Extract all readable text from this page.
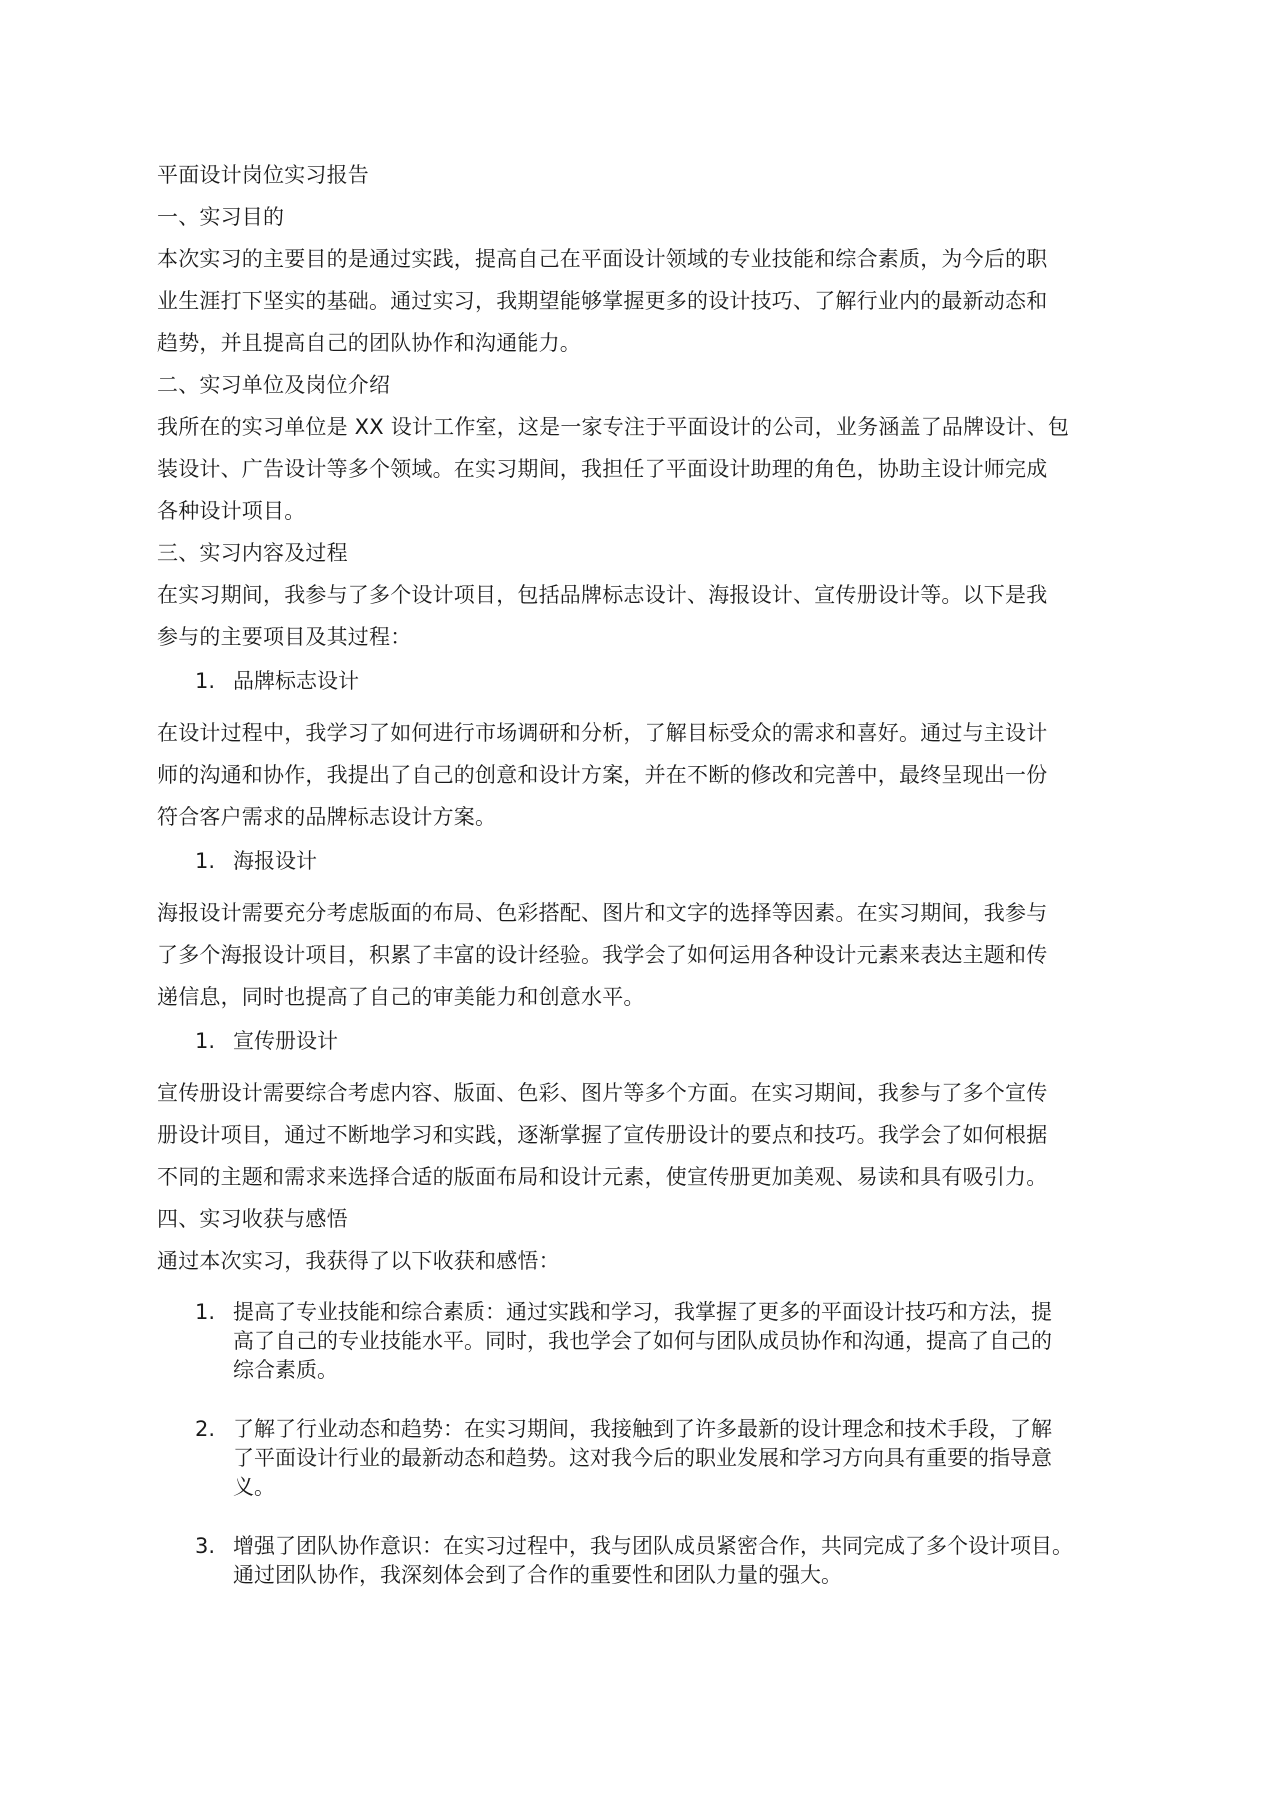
平面设计岗位实习报告
一、实习目的
本次实习的主要目的是通过实践，提高自己在平面设计领域的专业技能和综合素质，为今后的职
业生涯打下坚实的基础。通过实习，我期望能够掌握更多的设计技巧、了解行业内的最新动态和
趋势，并且提高自己的团队协作和沟通能力。
二、实习单位及岗位介绍
我所在的实习单位是 XX 设计工作室，这是一家专注于平面设计的公司，业务涵盖了品牌设计、包
装设计、广告设计等多个领域。在实习期间，我担任了平面设计助理的角色，协助主设计师完成
各种设计项目。
三、实习内容及过程
在实习期间，我参与了多个设计项目，包括品牌标志设计、海报设计、宣传册设计等。以下是我
参与的主要项目及其过程：
1. 品牌标志设计
在设计过程中，我学习了如何进行市场调研和分析，了解目标受众的需求和喜好。通过与主设计
师的沟通和协作，我提出了自己的创意和设计方案，并在不断的修改和完善中，最终呈现出一份
符合客户需求的品牌标志设计方案。
1. 海报设计
海报设计需要充分考虑版面的布局、色彩搭配、图片和文字的选择等因素。在实习期间，我参与
了多个海报设计项目，积累了丰富的设计经验。我学会了如何运用各种设计元素来表达主题和传
递信息，同时也提高了自己的审美能力和创意水平。
1. 宣传册设计
宣传册设计需要综合考虑内容、版面、色彩、图片等多个方面。在实习期间，我参与了多个宣传
册设计项目，通过不断地学习和实践，逐渐掌握了宣传册设计的要点和技巧。我学会了如何根据
不同的主题和需求来选择合适的版面布局和设计元素，使宣传册更加美观、易读和具有吸引力。
四、实习收获与感悟
通过本次实习，我获得了以下收获和感悟：
1. 提高了专业技能和综合素质：通过实践和学习，我掌握了更多的平面设计技巧和方法，提
高了自己的专业技能水平。同时，我也学会了如何与团队成员协作和沟通，提高了自己的
综合素质。
2. 了解了行业动态和趋势：在实习期间，我接触到了许多最新的设计理念和技术手段，了解
了平面设计行业的最新动态和趋势。这对我今后的职业发展和学习方向具有重要的指导意
义。
3. 增强了团队协作意识：在实习过程中，我与团队成员紧密合作，共同完成了多个设计项目。
通过团队协作，我深刻体会到了合作的重要性和团队力量的强大。
